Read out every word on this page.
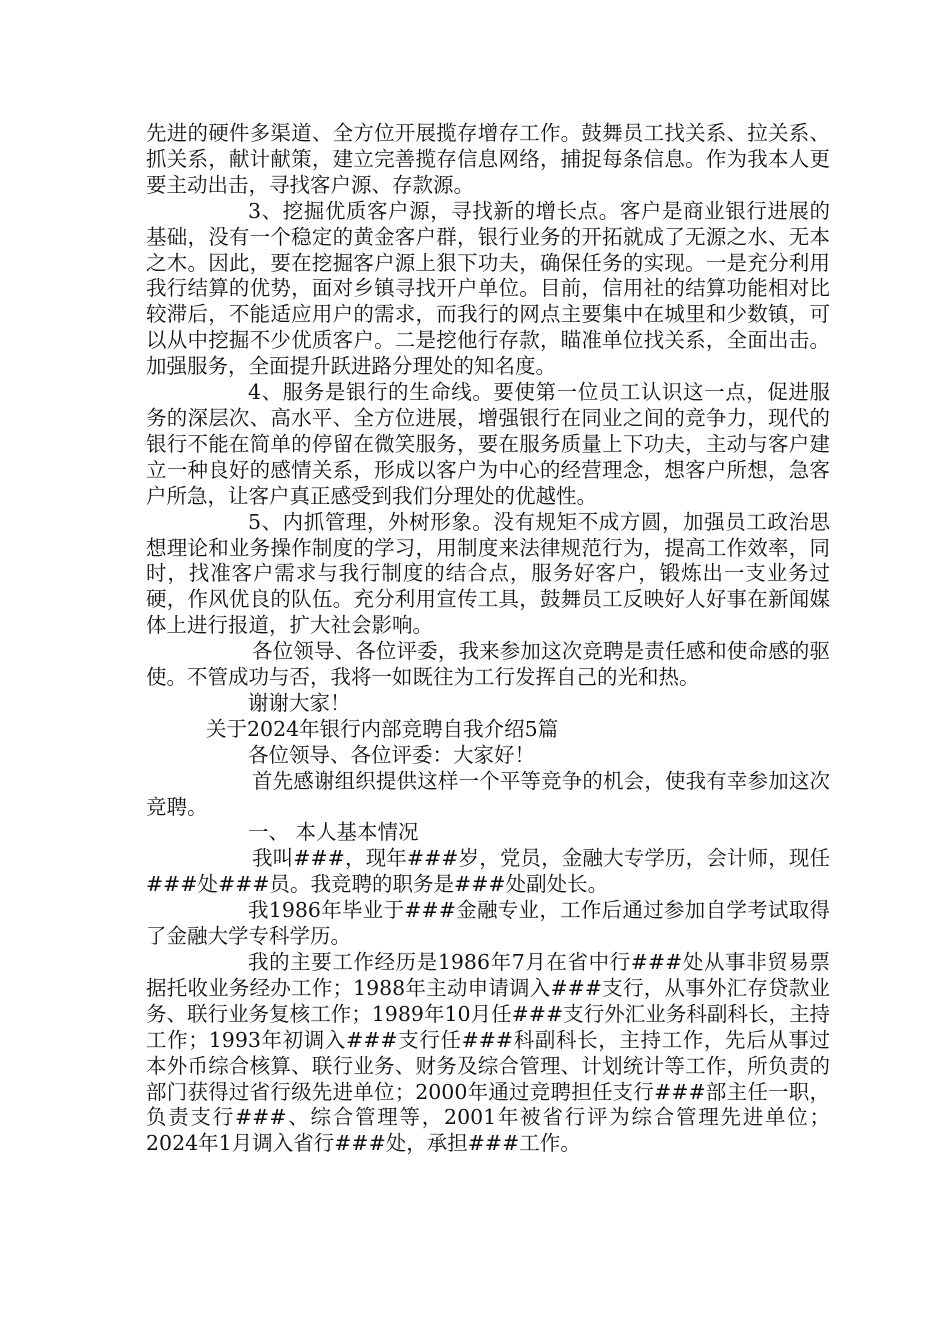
先进的硬件多渠道、全方位开展揽存增存工作。鼓舞员工找关系、拉关系、抓关系，献计献策，建立完善揽存信息网络，捕捉每条信息。作为我本人更要主动出击，寻找客户源、存款源。

3、挖掘优质客户源，寻找新的增长点。客户是商业银行进展的基础，没有一个稳定的黄金客户群，银行业务的开拓就成了无源之水、无本之木。因此，要在挖掘客户源上狠下功夫，确保任务的实现。一是充分利用我行结算的优势，面对乡镇寻找开户单位。目前，信用社的结算功能相对比较滞后，不能适应用户的需求，而我行的网点主要集中在城里和少数镇，可以从中挖掘不少优质客户。二是挖他行存款，瞄准单位找关系，全面出击。加强服务，全面提升跃进路分理处的知名度。

4、服务是银行的生命线。要使第一位员工认识这一点，促进服务的深层次、高水平、全方位进展，增强银行在同业之间的竞争力，现代的银行不能在简单的停留在微笑服务，要在服务质量上下功夫，主动与客户建立一种良好的感情关系，形成以客户为中心的经营理念，想客户所想，急客户所急，让客户真正感受到我们分理处的优越性。

5、内抓管理，外树形象。没有规矩不成方圆，加强员工政治思想理论和业务操作制度的学习，用制度来法律规范行为，提高工作效率，同时，找准客户需求与我行制度的结合点，服务好客户，锻炼出一支业务过硬，作风优良的队伍。充分利用宣传工具，鼓舞员工反映好人好事在新闻媒体上进行报道，扩大社会影响。

各位领导、各位评委，我来参加这次竞聘是责任感和使命感的驱使。不管成功与否，我将一如既往为工行发挥自己的光和热。

谢谢大家！

关于2024年银行内部竞聘自我介绍5篇

各位领导、各位评委：大家好！

首先感谢组织提供这样一个平等竞争的机会，使我有幸参加这次竞聘。

一、 本人基本情况

我叫###，现年###岁，党员，金融大专学历，会计师，现任###处###员。我竞聘的职务是###处副处长。

我1986年毕业于###金融专业，工作后通过参加自学考试取得了金融大学专科学历。

我的主要工作经历是1986年7月在省中行###处从事非贸易票据托收业务经办工作；1988年主动申请调入###支行，从事外汇存贷款业务、联行业务复核工作；1989年10月任###支行外汇业务科副科长，主持工作；1993年初调入###支行任###科副科长，主持工作，先后从事过本外币综合核算、联行业务、财务及综合管理、计划统计等工作，所负责的部门获得过省行级先进单位；2000年通过竞聘担任支行###部主任一职，负责支行###、综合管理等，2001年被省行评为综合管理先进单位；2024年1月调入省行###处，承担###工作。
